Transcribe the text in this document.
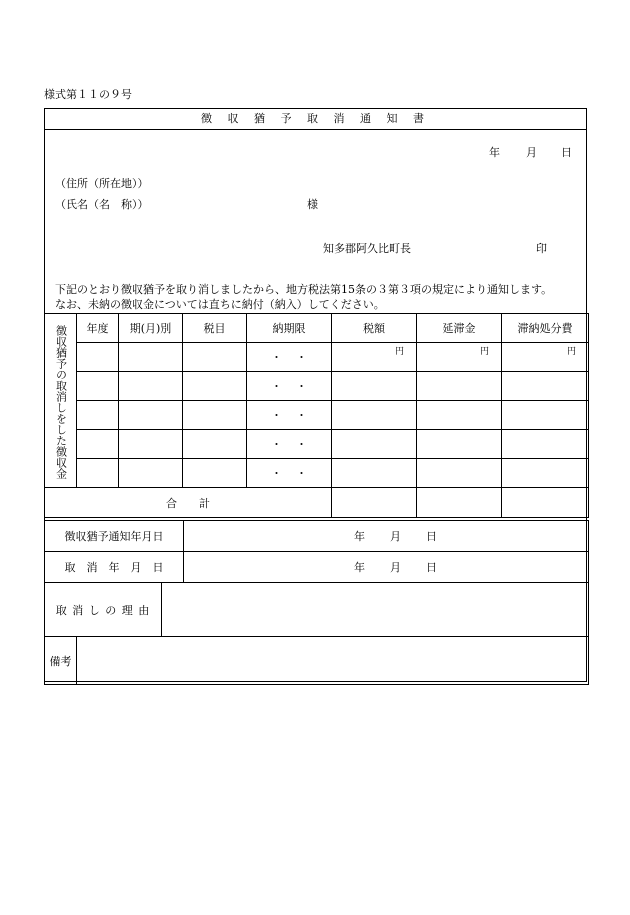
様式第１１の９号
徴 収 猶 予 取 消 通 知 書
年 月 日
（住所（所在地））
（氏名（名　称））	様
知多郡阿久比町長	印
下記のとおり徴収猶予を取り消しましたから、地方税法第15条の３第３項の規定により通知します。
なお、未納の徴収金については直ちに納付（納入）してください。
徴収猶予の取消しをした徴収金	年度	期(月)別	税目	納期限	税額	延滞金	滞納処分費
				・・	円	円	円

				・・			
				・・			
				・・			
				・・			
合　　計							
徴収猶予通知年月日			年 月 日

取　消　年　月　日			年 月 日

取 消 し の 理 由			
備考			
